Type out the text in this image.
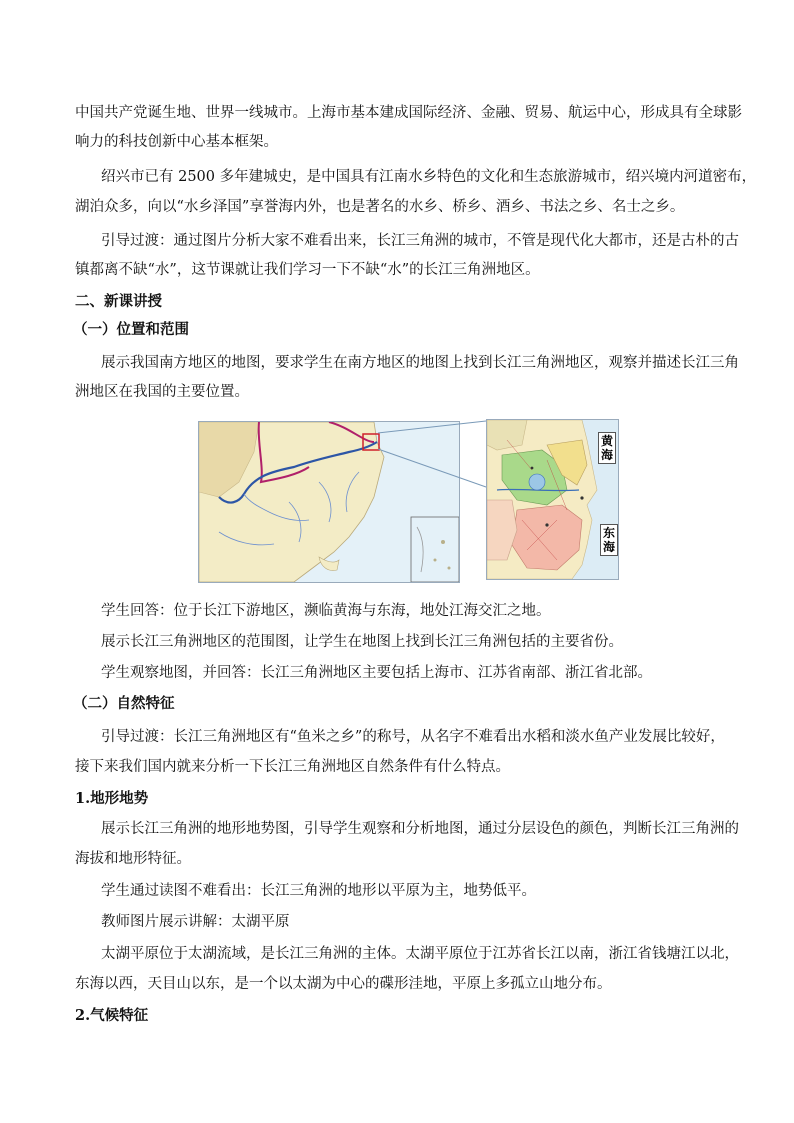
中国共产党诞生地、世界一线城市。上海市基本建成国际经济、金融、贸易、航运中心，形成具有全球影
响力的科技创新中心基本框架。
绍兴市已有 2500 多年建城史，是中国具有江南水乡特色的文化和生态旅游城市，绍兴境内河道密布，
湖泊众多，向以“水乡泽国”享誉海内外，也是著名的水乡、桥乡、酒乡、书法之乡、名士之乡。
引导过渡：通过图片分析大家不难看出来，长江三角洲的城市，不管是现代化大都市，还是古朴的古
镇都离不缺“水”，这节课就让我们学习一下不缺“水”的长江三角洲地区。
二、新课讲授
（一）位置和范围
展示我国南方地区的地图，要求学生在南方地区的地图上找到长江三角洲地区，观察并描述长江三角
洲地区在我国的主要位置。
黄海
东海
学生回答：位于长江下游地区，濒临黄海与东海，地处江海交汇之地。
展示长江三角洲地区的范围图，让学生在地图上找到长江三角洲包括的主要省份。
学生观察地图，并回答：长江三角洲地区主要包括上海市、江苏省南部、浙江省北部。
（二）自然特征
引导过渡：长江三角洲地区有“鱼米之乡”的称号，从名字不难看出水稻和淡水鱼产业发展比较好，
接下来我们国内就来分析一下长江三角洲地区自然条件有什么特点。
1.地形地势
展示长江三角洲的地形地势图，引导学生观察和分析地图，通过分层设色的颜色，判断长江三角洲的
海拔和地形特征。
学生通过读图不难看出：长江三角洲的地形以平原为主，地势低平。
教师图片展示讲解：太湖平原
太湖平原位于太湖流域，是长江三角洲的主体。太湖平原位于江苏省长江以南，浙江省钱塘江以北，
东海以西，天目山以东，是一个以太湖为中心的碟形洼地，平原上多孤立山地分布。
2.气候特征
